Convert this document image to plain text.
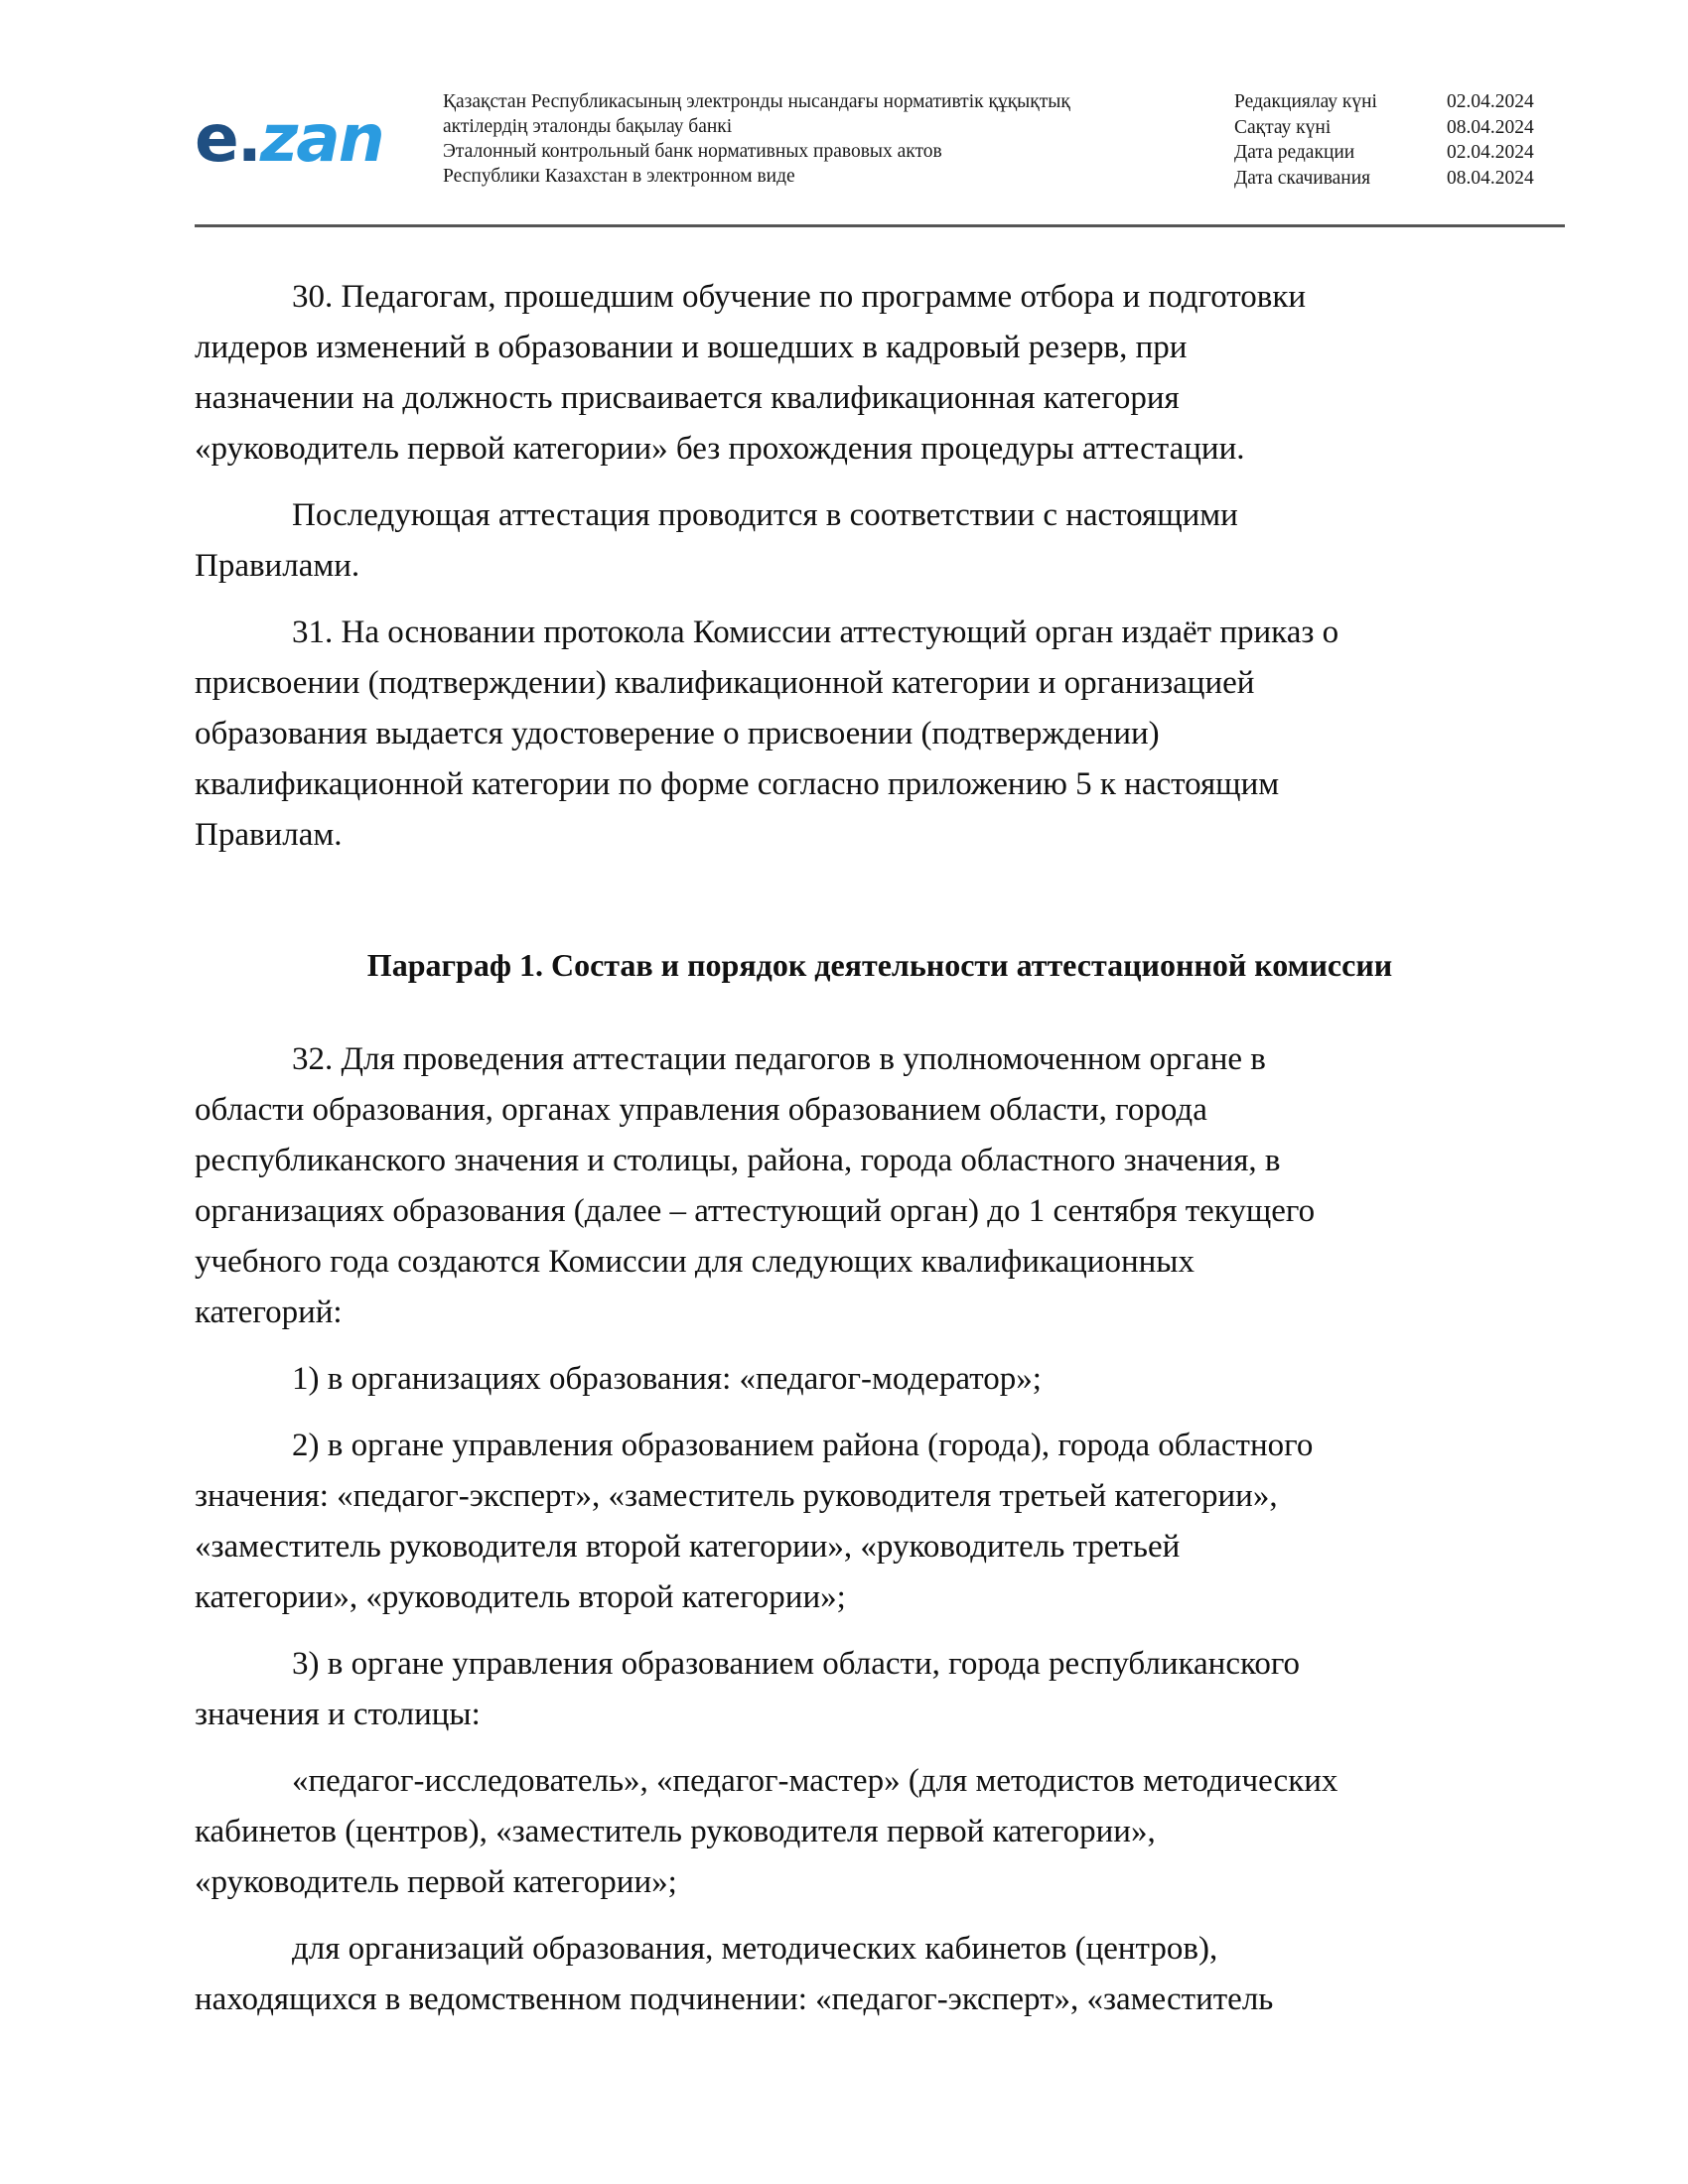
e.zan	Қазақстан Республикасының электронды нысандағы нормативтік құқықтық
актілердің эталонды бақылау банкі
Эталонный контрольный банк нормативных правовых актов
Республики Казахстан в электронном виде
Редакциялау күні	02.04.2024
Сақтау күні	08.04.2024
Дата редакции	02.04.2024
Дата скачивания	08.04.2024

30. Педагогам, прошедшим обучение по программе отбора и подготовки
лидеров изменений в образовании и вошедших в кадровый резерв, при
назначении на должность присваивается квалификационная категория
«руководитель первой категории» без прохождения процедуры аттестации.

Последующая аттестация проводится в соответствии с настоящими
Правилами.

31. На основании протокола Комиссии аттестующий орган издаёт приказ о
присвоении (подтверждении) квалификационной категории и организацией
образования выдается удостоверение о присвоении (подтверждении)
квалификационной категории по форме согласно приложению 5 к настоящим
Правилам.

Параграф 1. Состав и порядок деятельности аттестационной комиссии

32. Для проведения аттестации педагогов в уполномоченном органе в
области образования, органах управления образованием области, города
республиканского значения и столицы, района, города областного значения, в
организациях образования (далее – аттестующий орган) до 1 сентября текущего
учебного года создаются Комиссии для следующих квалификационных
категорий:

1) в организациях образования: «педагог-модератор»;

2) в органе управления образованием района (города), города областного
значения: «педагог-эксперт», «заместитель руководителя третьей категории»,
«заместитель руководителя второй категории», «руководитель третьей
категории», «руководитель второй категории»;

3) в органе управления образованием области, города республиканского
значения и столицы:

«педагог-исследователь», «педагог-мастер» (для методистов методических
кабинетов (центров), «заместитель руководителя первой категории»,
«руководитель первой категории»;

для организаций образования, методических кабинетов (центров),
находящихся в ведомственном подчинении: «педагог-эксперт», «заместитель
